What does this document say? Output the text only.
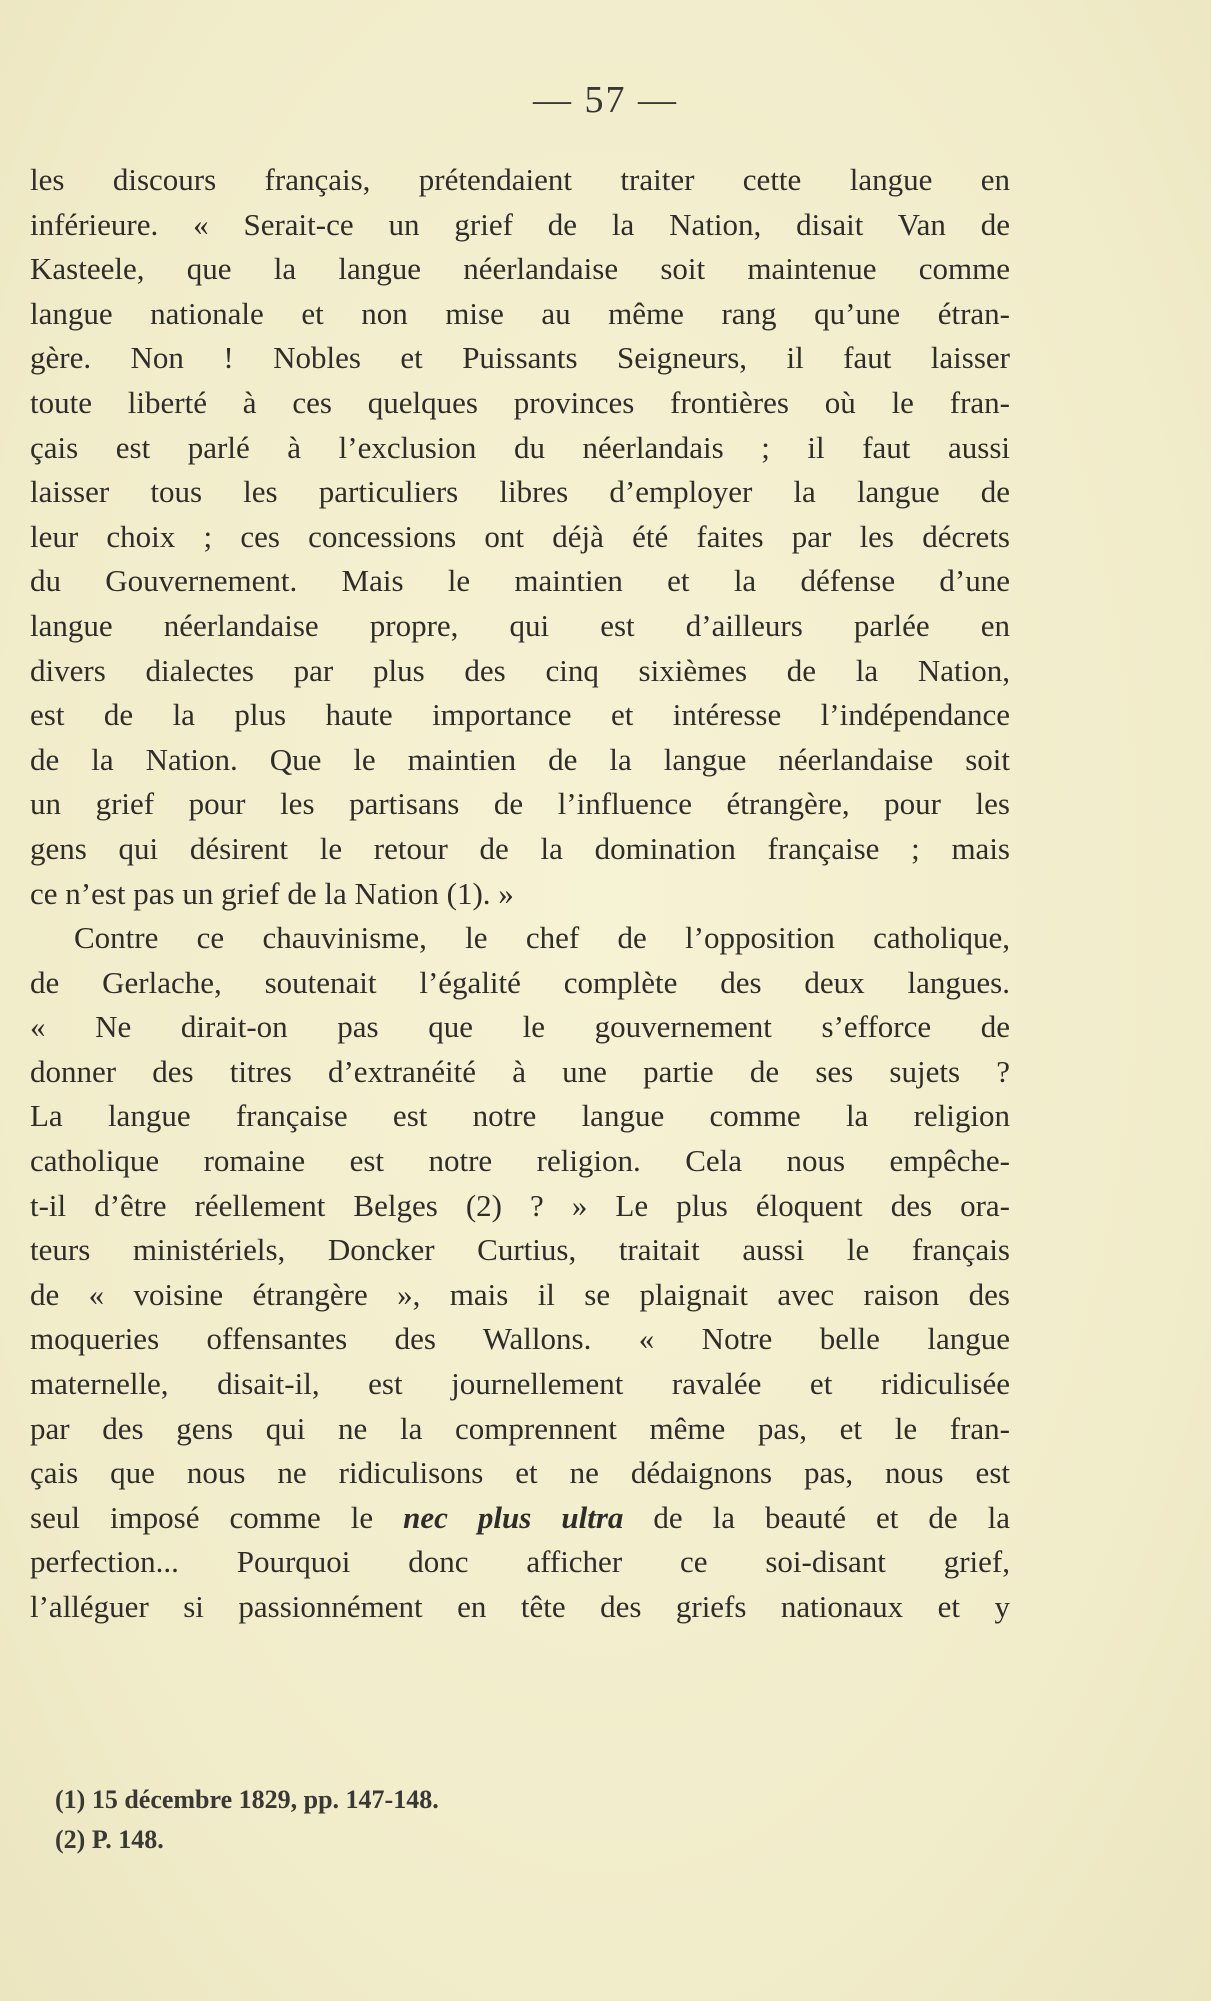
— 57 —
les discours français, prétendaient traiter cette langue en
inférieure. « Serait-ce un grief de la Nation, disait Van de
Kasteele, que la langue néerlandaise soit maintenue comme
langue nationale et non mise au même rang qu’une étran-
gère. Non ! Nobles et Puissants Seigneurs, il faut laisser
toute liberté à ces quelques provinces frontières où le fran-
çais est parlé à l’exclusion du néerlandais ; il faut aussi
laisser tous les particuliers libres d’employer la langue de
leur choix ; ces concessions ont déjà été faites par les décrets
du Gouvernement. Mais le maintien et la défense d’une
langue néerlandaise propre, qui est d’ailleurs parlée en
divers dialectes par plus des cinq sixièmes de la Nation,
est de la plus haute importance et intéresse l’indépendance
de la Nation. Que le maintien de la langue néerlandaise soit
un grief pour les partisans de l’influence étrangère, pour les
gens qui désirent le retour de la domination française ; mais
ce n’est pas un grief de la Nation (1). »
Contre ce chauvinisme, le chef de l’opposition catholique,
de Gerlache, soutenait l’égalité complète des deux langues.
« Ne dirait-on pas que le gouvernement s’efforce de
donner des titres d’extranéité à une partie de ses sujets ?
La langue française est notre langue comme la religion
catholique romaine est notre religion. Cela nous empêche-
t-il d’être réellement Belges (2) ? » Le plus éloquent des ora-
teurs ministériels, Doncker Curtius, traitait aussi le français
de « voisine étrangère », mais il se plaignait avec raison des
moqueries offensantes des Wallons. « Notre belle langue
maternelle, disait-il, est journellement ravalée et ridiculisée
par des gens qui ne la comprennent même pas, et le fran-
çais que nous ne ridiculisons et ne dédaignons pas, nous est
seul imposé comme le nec plus ultra de la beauté et de la
perfection... Pourquoi donc afficher ce soi-disant grief,
l’alléguer si passionnément en tête des griefs nationaux et y
(1) 15 décembre 1829, pp. 147-148.
(2) P. 148.
